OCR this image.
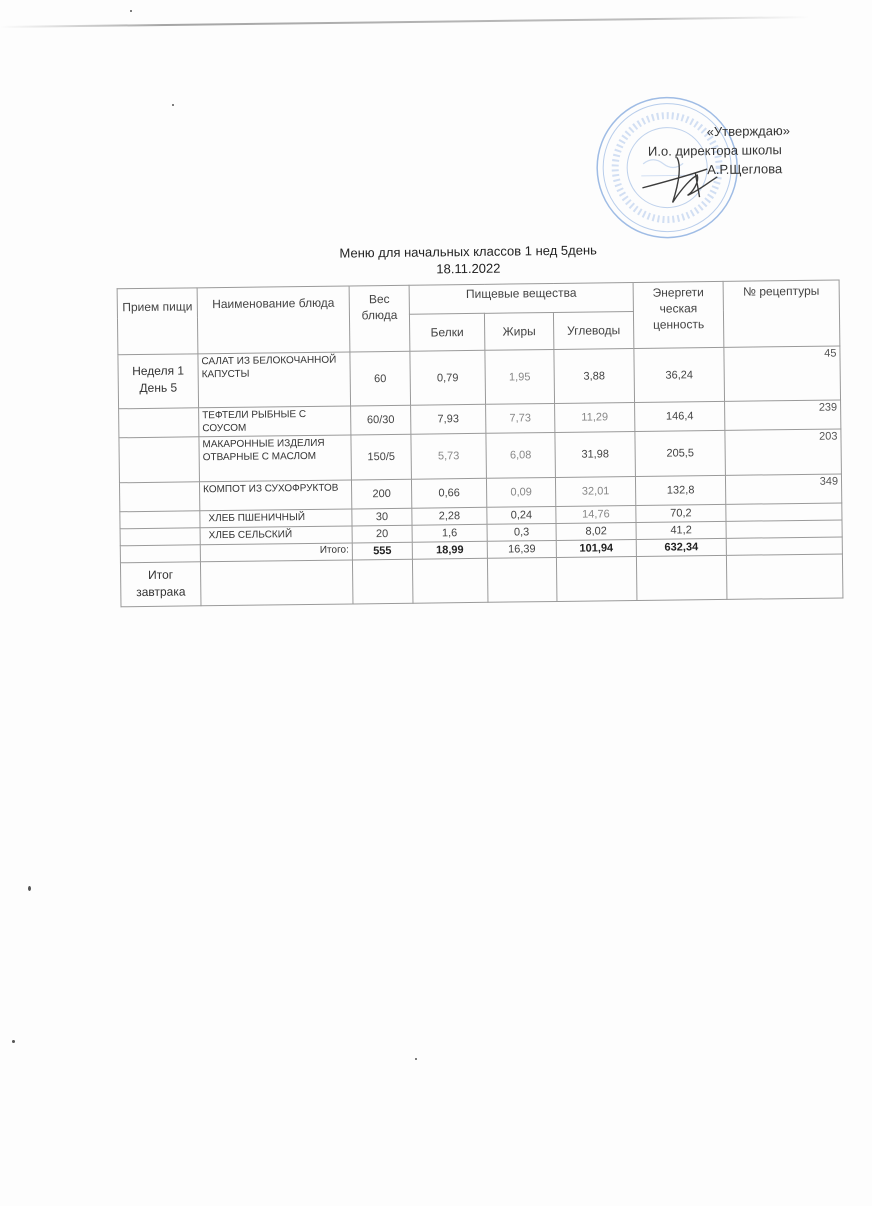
«Утверждаю»
И.о. директора школы
А.Р.Щеглова
Меню для начальных классов 1 нед 5день
18.11.2022
Прием пищи	Наименование блюда	Вес блюда	Пищевые вещества			Энергети ческая ценность	№ рецептуры
			Белки	Жиры	Углеводы		
Неделя 1 День 5	САЛАТ ИЗ БЕЛОКОЧАННОЙ КАПУСТЫ	60	0,79	1,95	3,88	36,24	45
	ТЕФТЕЛИ РЫБНЫЕ С СОУСОМ	60/30	7,93	7,73	11,29	146,4	239
	МАКАРОННЫЕ ИЗДЕЛИЯ ОТВАРНЫЕ С МАСЛОМ	150/5	5,73	6,08	31,98	205,5	203
	КОМПОТ ИЗ СУХОФРУКТОВ	200	0,66	0,09	32,01	132,8	349
	ХЛЕБ ПШЕНИЧНЫЙ	30	2,28	0,24	14,76	70,2	
	ХЛЕБ СЕЛЬСКИЙ	20	1,6	0,3	8,02	41,2	
	Итого:	555	18,99	16,39	101,94	632,34	
Итог завтрака							
